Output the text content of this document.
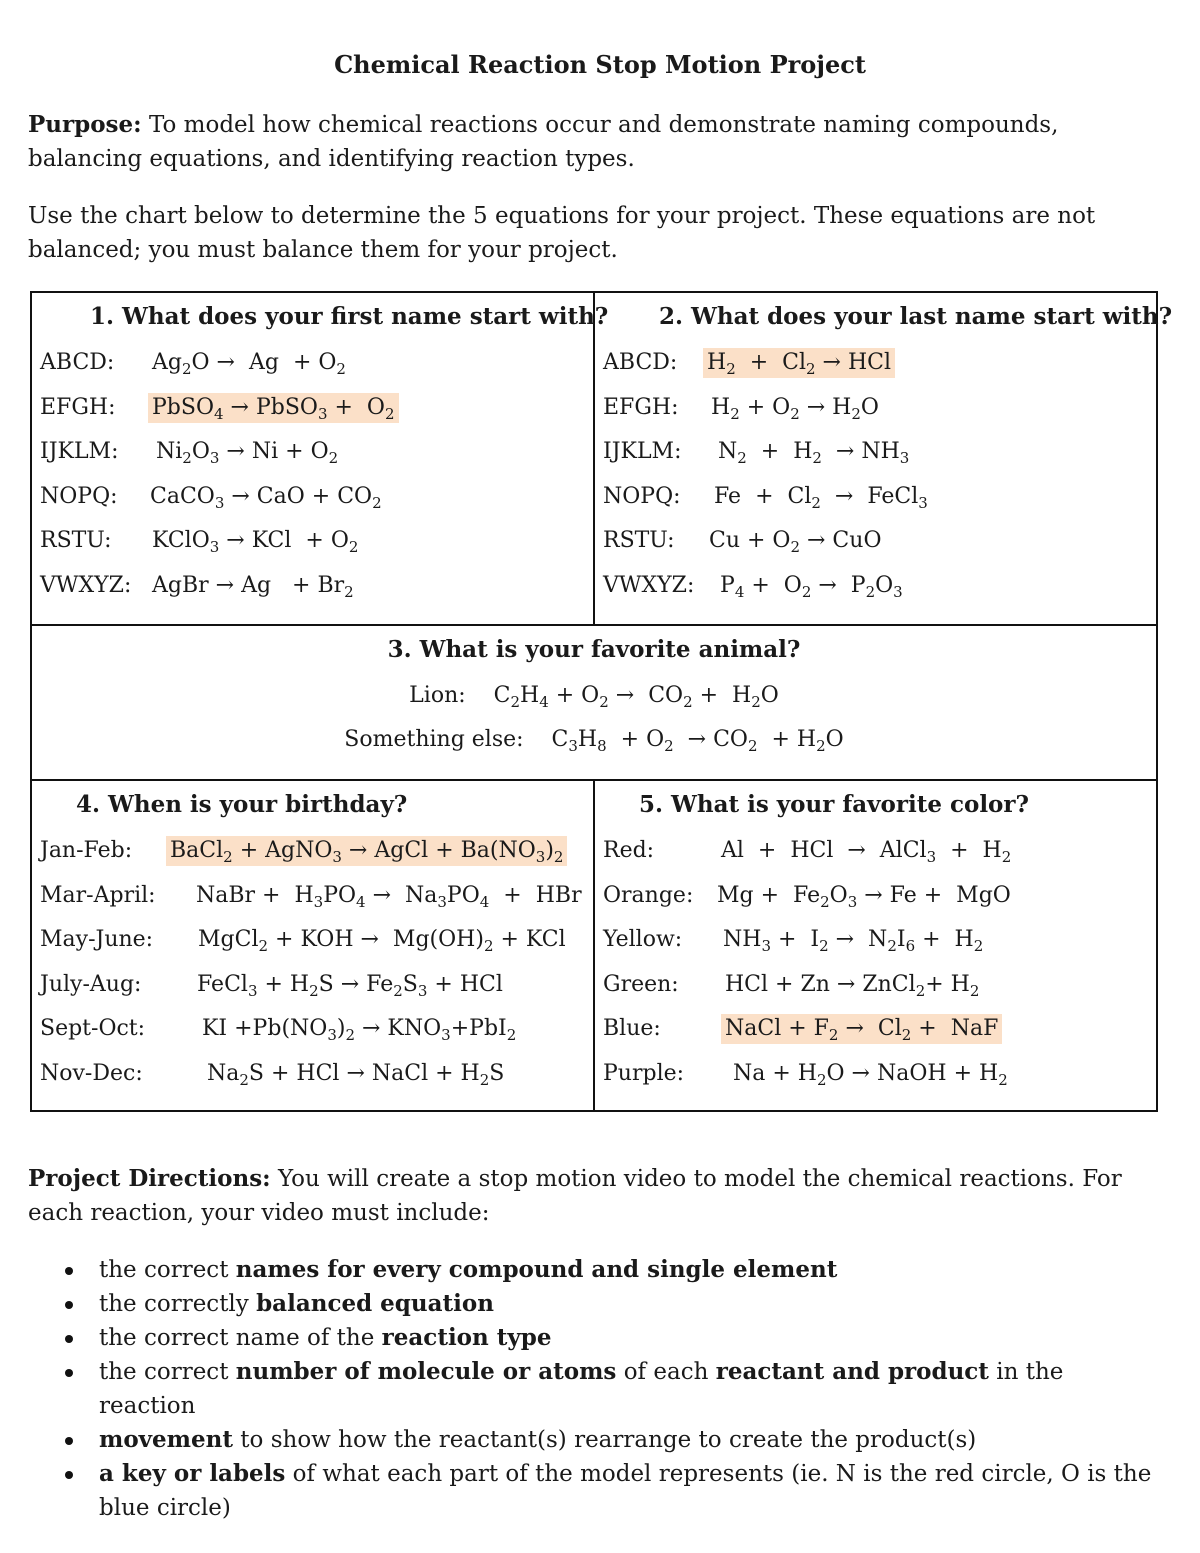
Chemical Reaction Stop Motion Project
Purpose: To model how chemical reactions occur and demonstrate naming compounds, balancing equations, and identifying reaction types.
Use the chart below to determine the 5 equations for your project. These equations are not balanced; you must balance them for your project.
1. What does your first name start with?
ABCD: $Ag_2O \to Ag + O_2$
EFGH: PbSO$_4$ → PbSO$_3$ +  $O_2$
IJKLM: $Ni_2O_3 \to Ni + O_2$
NOPQ: CaCO$_3$ → CaO + $CO_2$
RSTU: KClO$_3$ → KCl  + $O_2$
VWXYZ: AgBr → $Ag + Br_2$
2. What does your last name start with?
ABCD: $H_2 + Cl_2$ → HCl
EFGH: $H_2 + O_2 \to H_2O$
IJKLM: $N_2 + H_2 \to NH_3$
NOPQ: $Fe + Cl_2$  →  FeCl$_3$
RSTU: $Cu + O_2$ → CuO
VWXYZ: $P_4 + O_2 \to P_2O_3$
3. What is your favorite animal?
Lion: $C_2H_4 + O_2 \to CO_2 + H_2O$
Something else: $C_3H_8 + O_2 \to CO_2 + H_2O$
4. When is your birthday?
Jan-Feb: BaCl$_2$ + AgNO$_3$ → AgCl + $Ba(NO_3)_2$
Mar-April: NaBr +  $H_3PO_4 \to Na_3PO_4$  +  HBr
May-June: MgCl$_2$ + KOH →  $Mg(OH)_2$ + KCl
July-Aug:	FeCl$_3$ + $H_2S \to Fe_2S_3$ + HCl
Sept-Oct:	KI $+Pb(NO_3)_2 \to KNO_3+PbI_2$
Nov-Dec:	$Na_2S$ + HCl → NaCl + $H_2S$
5. What is your favorite color?
Red:	Al  +  HCl  →  AlCl$_3$  +  $H_2$
Orange: $Mg + Fe_2O_3 \to Fe$ +  MgO
Yellow: $NH_3 + I_2 \to N_2I_6 + H_2$
Green: HCl + Zn → ZnCl$_2$+ $H_2$
Blue:	NaCl + $F_2 \to Cl_2$ +  NaF
Purple: $Na + H_2O$ → NaOH + $H_2$
Project Directions: You will create a stop motion video to model the chemical reactions. For each reaction, your video must include:
the correct names for every compound and single element
the correctly balanced equation
the correct name of the reaction type
the correct number of molecule or atoms of each reactant and product in the reaction
movement to show how the reactant(s) rearrange to create the product(s)
a key or labels of what each part of the model represents (ie. N is the red circle, O is the blue circle)
